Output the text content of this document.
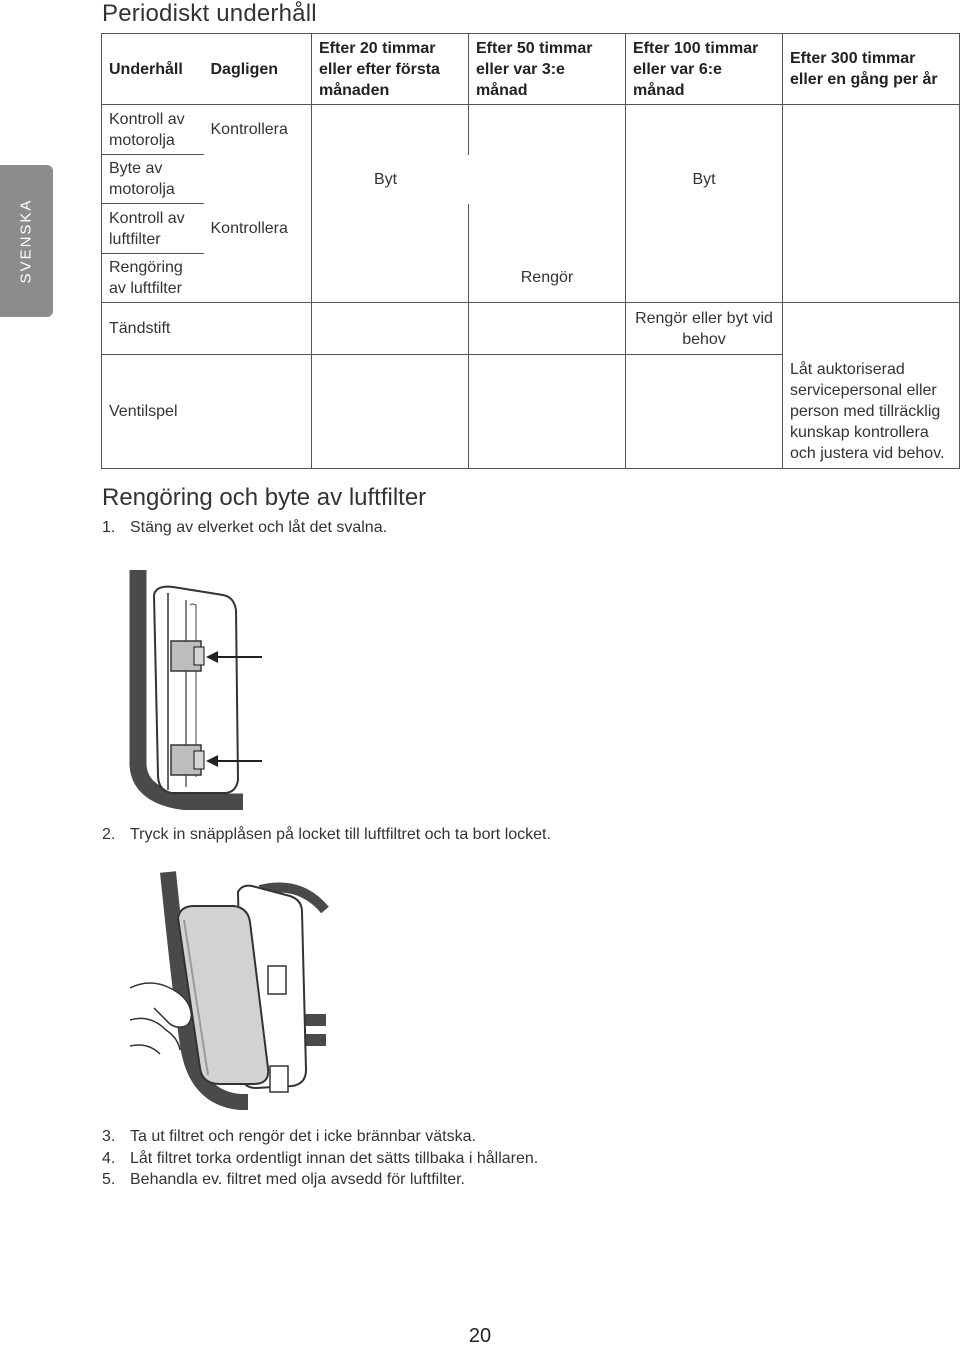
SVENSKA
Periodiskt underhåll
Underhåll	Dagligen	Efter 20 timmar eller efter första månaden	Efter 50 timmar eller var 3:e månad	Efter 100 timmar eller var 6:e månad	Efter 300 timmar eller en gång per år
Kontroll av motorolja	Kontrollera				
Byte av motorolja		Byt		Byt	
Kontroll av luftfilter	Kontrollera				
Rengöring av luftfilter			Rengör		
Tändstift				Rengör eller byt vid behov	
Ventilspel					Låt auktoriserad servicepersonal eller person med tillräcklig kunskap kontrollera och justera vid behov.
Rengöring och byte av luftfilter
1. Stäng av elverket och låt det svalna.
2. Tryck in snäpplåsen på locket till luftfiltret och ta bort locket.
3. Ta ut filtret och rengör det i icke brännbar vätska.
4. Låt filtret torka ordentligt innan det sätts tillbaka i hållaren.
5. Behandla ev. filtret med olja avsedd för luftfilter.
20
